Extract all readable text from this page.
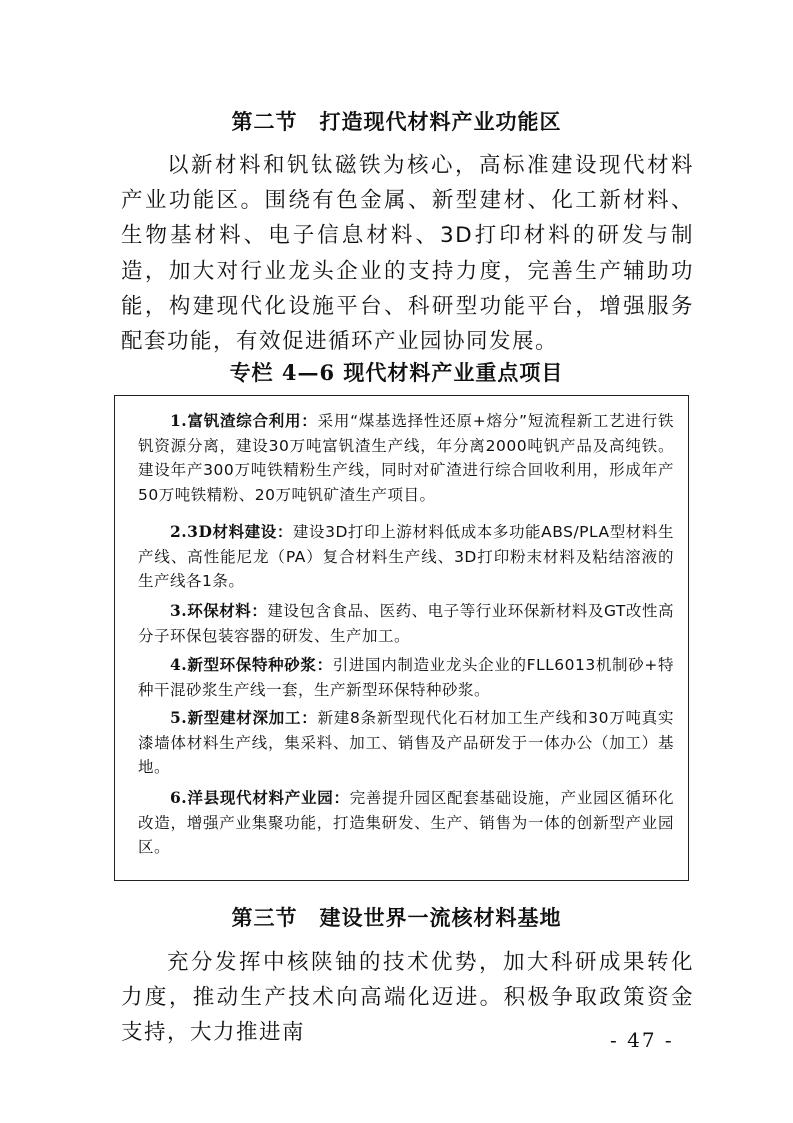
第二节　打造现代材料产业功能区

以新材料和钒钛磁铁为核心，高标准建设现代材料产业功能区。围绕有色金属、新型建材、化工新材料、生物基材料、电子信息材料、3D打印材料的研发与制造，加大对行业龙头企业的支持力度，完善生产辅助功能，构建现代化设施平台、科研型功能平台，增强服务配套功能，有效促进循环产业园协同发展。

专栏 4—6 现代材料产业重点项目

1.富钒渣综合利用：采用“煤基选择性还原+熔分”短流程新工艺进行铁钒资源分离，建设30万吨富钒渣生产线，年分离2000吨钒产品及高纯铁。建设年产300万吨铁精粉生产线，同时对矿渣进行综合回收利用，形成年产50万吨铁精粉、20万吨钒矿渣生产项目。

2.3D材料建设：建设3D打印上游材料低成本多功能ABS/PLA型材料生产线、高性能尼龙（PA）复合材料生产线、3D打印粉末材料及粘结溶液的生产线各1条。

3.环保材料：建设包含食品、医药、电子等行业环保新材料及GT改性高分子环保包装容器的研发、生产加工。

4.新型环保特种砂浆：引进国内制造业龙头企业的FLL6013机制砂+特种干混砂浆生产线一套，生产新型环保特种砂浆。

5.新型建材深加工：新建8条新型现代化石材加工生产线和30万吨真实漆墙体材料生产线，集采料、加工、销售及产品研发于一体办公（加工）基地。

6.洋县现代材料产业园：完善提升园区配套基础设施，产业园区循环化改造，增强产业集聚功能，打造集研发、生产、销售为一体的创新型产业园区。

第三节　建设世界一流核材料基地

充分发挥中核陕铀的技术优势，加大科研成果转化力度，推动生产技术向高端化迈进。积极争取政策资金支持，大力推进南	- 47 -
